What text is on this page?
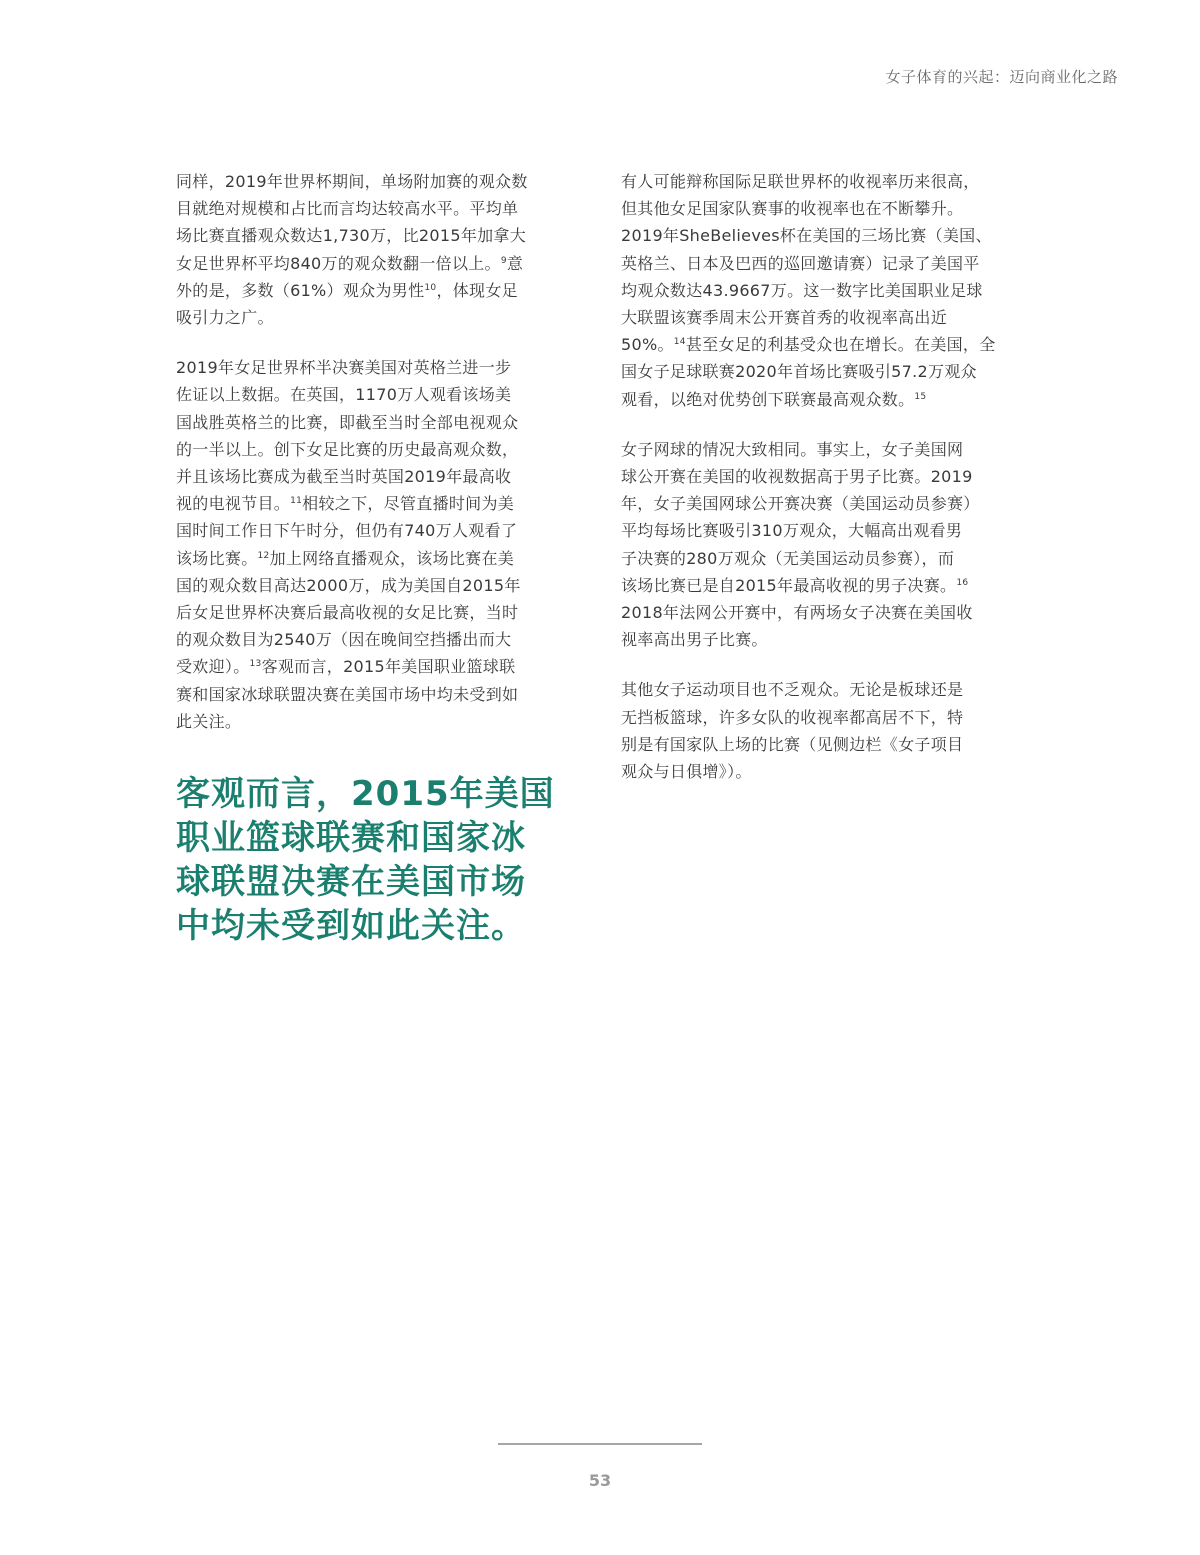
女子体育的兴起：迈向商业化之路

同样，2019年世界杯期间，单场附加赛的观众数
目就绝对规模和占比而言均达较高水平。平均单
场比赛直播观众数达1,730万，比2015年加拿大
女足世界杯平均840万的观众数翻一倍以上。$^9$意
外的是，多数（61%）观众为男性$^{10}$，体现女足
吸引力之广。

2019年女足世界杯半决赛美国对英格兰进一步
佐证以上数据。在英国，1170万人观看该场美
国战胜英格兰的比赛，即截至当时全部电视观众
的一半以上。创下女足比赛的历史最高观众数，
并且该场比赛成为截至当时英国2019年最高收
视的电视节目。$^{11}$相较之下，尽管直播时间为美
国时间工作日下午时分，但仍有740万人观看了
该场比赛。$^{12}$加上网络直播观众，该场比赛在美
国的观众数目高达2000万，成为美国自2015年
后女足世界杯决赛后最高收视的女足比赛，当时
的观众数目为2540万（因在晚间空挡播出而大
受欢迎）。$^{13}$客观而言，2015年美国职业篮球联
赛和国家冰球联盟决赛在美国市场中均未受到如
此关注。

客观而言，2015年美国
职业篮球联赛和国家冰
球联盟决赛在美国市场
中均未受到如此关注。

有人可能辩称国际足联世界杯的收视率历来很高，
但其他女足国家队赛事的收视率也在不断攀升。
2019年SheBelieves杯在美国的三场比赛（美国、
英格兰、日本及巴西的巡回邀请赛）记录了美国平
均观众数达43.9667万。这一数字比美国职业足球
大联盟该赛季周末公开赛首秀的收视率高出近
50%。$^{14}$甚至女足的利基受众也在增长。在美国，全
国女子足球联赛2020年首场比赛吸引57.2万观众
观看，以绝对优势创下联赛最高观众数。$^{15}$

女子网球的情况大致相同。事实上，女子美国网
球公开赛在美国的收视数据高于男子比赛。2019
年，女子美国网球公开赛决赛（美国运动员参赛）
平均每场比赛吸引310万观众，大幅高出观看男
子决赛的280万观众（无美国运动员参赛），而
该场比赛已是自2015年最高收视的男子决赛。$^{16}$
2018年法网公开赛中，有两场女子决赛在美国收
视率高出男子比赛。

其他女子运动项目也不乏观众。无论是板球还是
无挡板篮球，许多女队的收视率都高居不下，特
别是有国家队上场的比赛（见侧边栏《女子项目
观众与日俱增》）。

53
